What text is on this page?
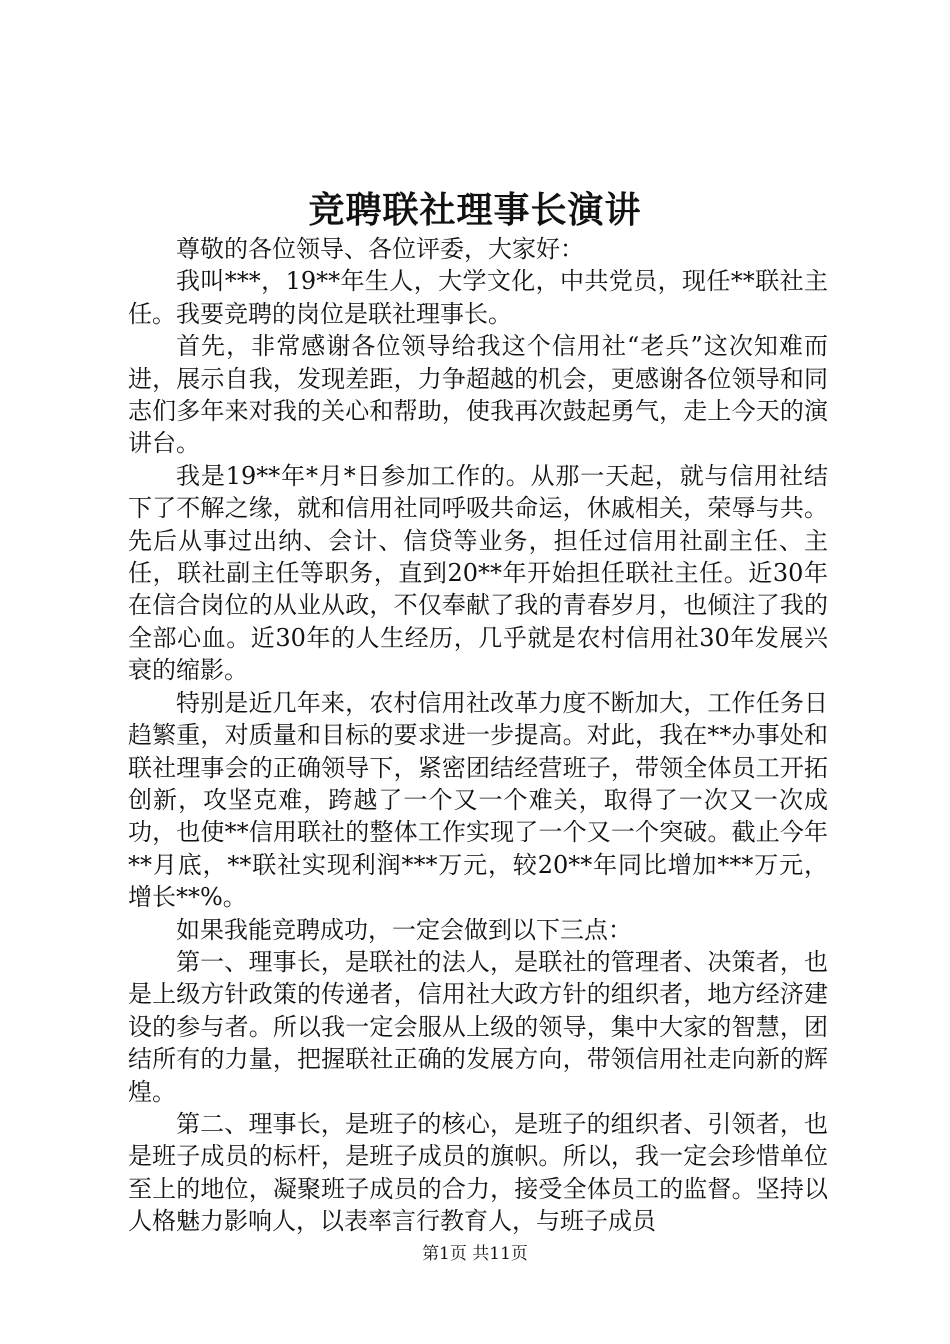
竞聘联社理事长演讲

尊敬的各位领导、各位评委，大家好：

我叫***，19**年生人，大学文化，中共党员，现任**联社主任。我要竞聘的岗位是联社理事长。

首先，非常感谢各位领导给我这个信用社“老兵”这次知难而进，展示自我，发现差距，力争超越的机会，更感谢各位领导和同志们多年来对我的关心和帮助，使我再次鼓起勇气，走上今天的演讲台。

我是19**年*月*日参加工作的。从那一天起，就与信用社结下了不解之缘，就和信用社同呼吸共命运，休戚相关，荣辱与共。先后从事过出纳、会计、信贷等业务，担任过信用社副主任、主任，联社副主任等职务，直到20**年开始担任联社主任。近30年在信合岗位的从业从政，不仅奉献了我的青春岁月，也倾注了我的全部心血。近30年的人生经历，几乎就是农村信用社30年发展兴衰的缩影。

特别是近几年来，农村信用社改革力度不断加大，工作任务日趋繁重，对质量和目标的要求进一步提高。对此，我在**办事处和联社理事会的正确领导下，紧密团结经营班子，带领全体员工开拓创新，攻坚克难，跨越了一个又一个难关，取得了一次又一次成功，也使**信用联社的整体工作实现了一个又一个突破。截止今年**月底，**联社实现利润***万元，较20**年同比增加***万元，增长**%。

如果我能竞聘成功，一定会做到以下三点：

第一、理事长，是联社的法人，是联社的管理者、决策者，也是上级方针政策的传递者，信用社大政方针的组织者，地方经济建设的参与者。所以我一定会服从上级的领导，集中大家的智慧，团结所有的力量，把握联社正确的发展方向，带领信用社走向新的辉煌。

第二、理事长，是班子的核心，是班子的组织者、引领者，也是班子成员的标杆，是班子成员的旗帜。所以，我一定会珍惜单位至上的地位，凝聚班子成员的合力，接受全体员工的监督。坚持以人格魅力影响人，以表率言行教育人，与班子成员

第1页 共11页
